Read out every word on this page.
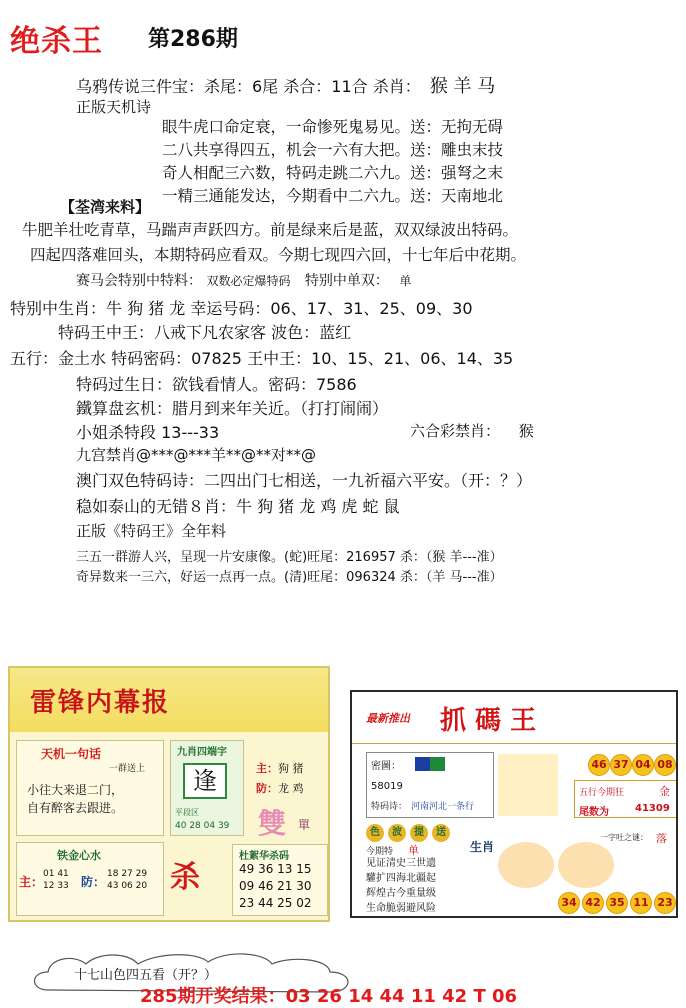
绝杀王 第286期
乌鸦传说三件宝：杀尾：6尾 杀合：11合 杀肖： 猴 羊 马
正版天机诗
眼牛虎口命定衰，一命惨死鬼易见。送：无拘无碍
二八共享得四五，机会一六有大把。送：雕虫末技
奇人相配三六数，特码走跳二六九。送：强弩之末
一精三通能发达，今期看中二六九。送：天南地北
【荃湾来料】
牛肥羊壮吃青草，马踹声声跃四方。前是绿来后是蓝，双双绿波出特码。
四起四落难回头，本期特码应看双。今期七现四六回，十七年后中花期。
赛马会特别中特料： 双数必定爆特码 特别中单双： 单
特别中生肖：牛 狗 猪 龙 幸运号码：06、17、31、25、09、30
特码王中王：八戒下凡农家客 波色：蓝红
五行：金土水 特码密码：07825 王中王：10、15、21、06、14、35
特码过生日：欲钱看情人。密码：7586
鐵算盘玄机：腊月到来年关近。（打打闹闹）
小姐杀特段 13---33	六合彩禁肖： 猴
九宫禁肖@***@***羊**@**对**@
澳门双色特码诗：二四出门七相送，一九祈福六平安。（开：？）
稳如泰山的无错８肖：牛 狗 猪 龙 鸡 虎 蛇 鼠
正版《特码王》全年料
三五一群游人兴，呈现一片安康像。(蛇)旺尾：216957 杀：（猴 羊---准）
奇异数来一三六，好运一点再一点。(清)旺尾：096324 杀：（羊 马---准）
雷锋内幕报
天机一句话
一群送上
小往大来退二门，
自有醉客去跟进。
九肖四端字
逢
平段区
40 28 04 39
主：狗 猪
防：龙 鸡
雙 單
铁金心水
主：
01 41
12 33 防：
18 27 29
43 06 20 杀
杜絮华杀码
49 36 13 15
09 46 21 30
23 44 25 02
最新推出 抓 碼 王
密圖：
58019
特码诗： 河南河北一条行
46 37 04 08
五行今期狂	金
尾数为	41309
色	波	提	送
生肖
今期特 单
见证清史三世遗
驩扩四海北疆起
辉煌古今重量级
生命脆弱避风险
一字吐之谜： 落
34 42 35 11 23
十七山色四五看（开？）
285期开奖结果：03 26 14 44 11 42 T 06
